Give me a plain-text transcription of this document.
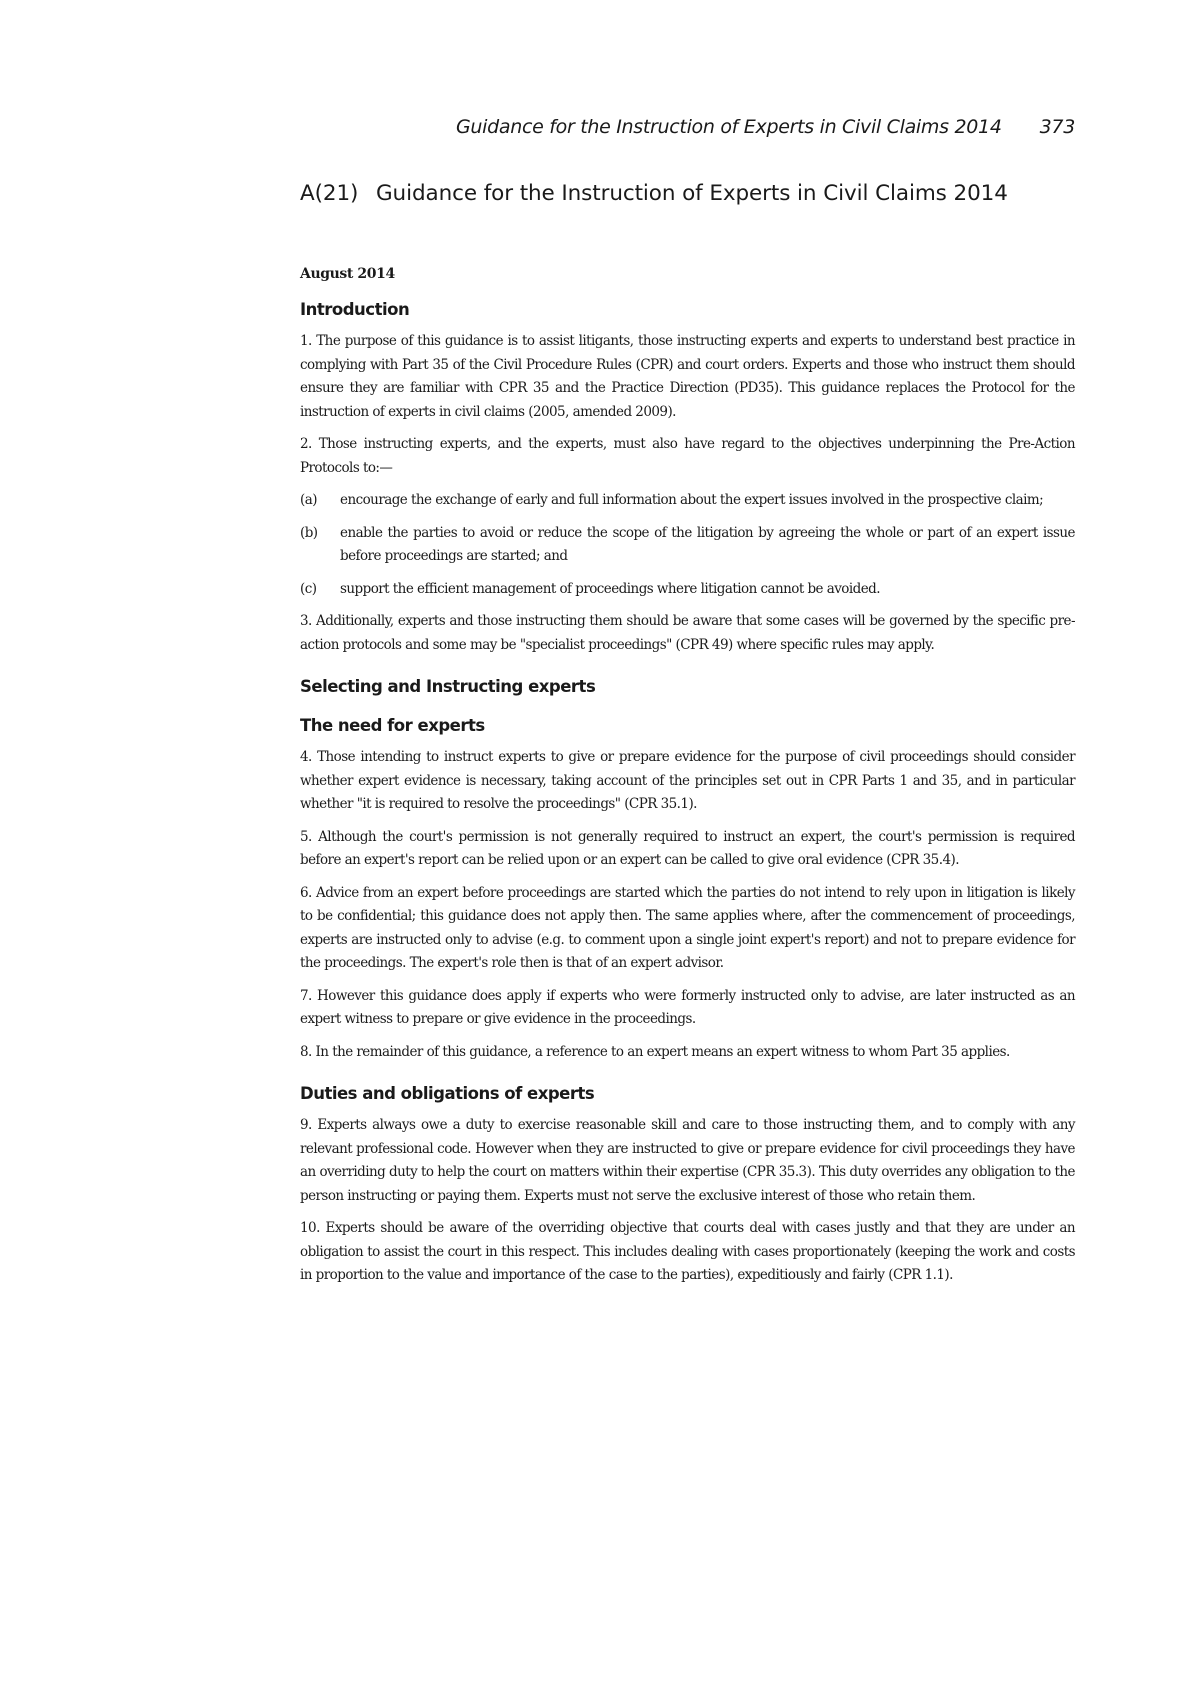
Guidance for the Instruction of Experts in Civil Claims 2014 373
A(21) Guidance for the Instruction of Experts in Civil Claims 2014
August 2014
Introduction

1. The purpose of this guidance is to assist litigants, those instructing experts and experts to understand best practice in complying with Part 35 of the Civil Procedure Rules (CPR) and court orders. Experts and those who instruct them should ensure they are familiar with CPR 35 and the Practice Direction (PD35). This guidance replaces the Protocol for the instruction of experts in civil claims (2005, amended 2009).

2. Those instructing experts, and the experts, must also have regard to the objectives underpinning the Pre-Action Protocols to:—

(a)	encourage the exchange of early and full information about the expert issues involved in the prospective claim;
(b)	enable the parties to avoid or reduce the scope of the litigation by agreeing the whole or part of an expert issue before proceedings are started; and
(c)	support the efficient management of proceedings where litigation cannot be avoided.

3. Additionally, experts and those instructing them should be aware that some cases will be governed by the specific pre-action protocols and some may be "specialist proceedings" (CPR 49) where specific rules may apply.

Selecting and Instructing experts
The need for experts

4. Those intending to instruct experts to give or prepare evidence for the purpose of civil proceedings should consider whether expert evidence is necessary, taking account of the principles set out in CPR Parts 1 and 35, and in particular whether "it is required to resolve the proceedings" (CPR 35.1).

5. Although the court's permission is not generally required to instruct an expert, the court's permission is required before an expert's report can be relied upon or an expert can be called to give oral evidence (CPR 35.4).

6. Advice from an expert before proceedings are started which the parties do not intend to rely upon in litigation is likely to be confidential; this guidance does not apply then. The same applies where, after the commencement of proceedings, experts are instructed only to advise (e.g. to comment upon a single joint expert's report) and not to prepare evidence for the proceedings. The expert's role then is that of an expert advisor.

7. However this guidance does apply if experts who were formerly instructed only to advise, are later instructed as an expert witness to prepare or give evidence in the proceedings.

8. In the remainder of this guidance, a reference to an expert means an expert witness to whom Part 35 applies.

Duties and obligations of experts

9. Experts always owe a duty to exercise reasonable skill and care to those instructing them, and to comply with any relevant professional code. However when they are instructed to give or prepare evidence for civil proceedings they have an overriding duty to help the court on matters within their expertise (CPR 35.3). This duty overrides any obligation to the person instructing or paying them. Experts must not serve the exclusive interest of those who retain them.

10. Experts should be aware of the overriding objective that courts deal with cases justly and that they are under an obligation to assist the court in this respect. This includes dealing with cases proportionately (keeping the work and costs in proportion to the value and importance of the case to the parties), expeditiously and fairly (CPR 1.1).
